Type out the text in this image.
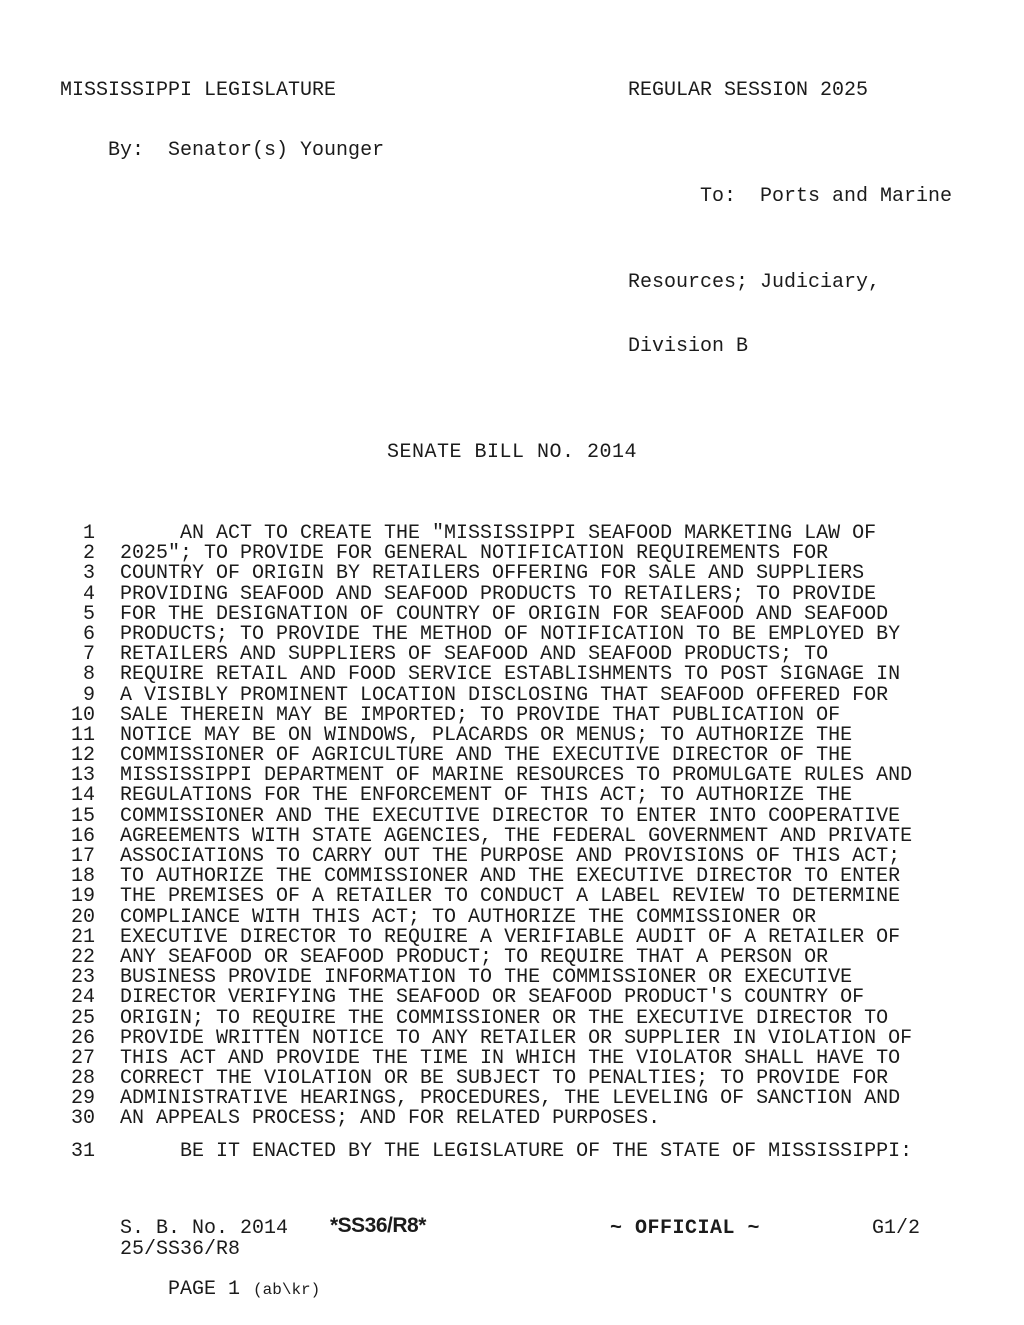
MISSISSIPPI LEGISLATURE	REGULAR SESSION 2025

By: Senator(s) Younger

To: Ports and Marine

Resources; Judiciary,

Division B

SENATE BILL NO. 2014
1 AN ACT TO CREATE THE "MISSISSIPPI SEAFOOD MARKETING LAW OF
2 2025"; TO PROVIDE FOR GENERAL NOTIFICATION REQUIREMENTS FOR
3 COUNTRY OF ORIGIN BY RETAILERS OFFERING FOR SALE AND SUPPLIERS
4 PROVIDING SEAFOOD AND SEAFOOD PRODUCTS TO RETAILERS; TO PROVIDE
5 FOR THE DESIGNATION OF COUNTRY OF ORIGIN FOR SEAFOOD AND SEAFOOD
6 PRODUCTS; TO PROVIDE THE METHOD OF NOTIFICATION TO BE EMPLOYED BY
7 RETAILERS AND SUPPLIERS OF SEAFOOD AND SEAFOOD PRODUCTS; TO
8 REQUIRE RETAIL AND FOOD SERVICE ESTABLISHMENTS TO POST SIGNAGE IN
9 A VISIBLY PROMINENT LOCATION DISCLOSING THAT SEAFOOD OFFERED FOR
10 SALE THEREIN MAY BE IMPORTED; TO PROVIDE THAT PUBLICATION OF
11 NOTICE MAY BE ON WINDOWS, PLACARDS OR MENUS; TO AUTHORIZE THE
12 COMMISSIONER OF AGRICULTURE AND THE EXECUTIVE DIRECTOR OF THE
13 MISSISSIPPI DEPARTMENT OF MARINE RESOURCES TO PROMULGATE RULES AND
14 REGULATIONS FOR THE ENFORCEMENT OF THIS ACT; TO AUTHORIZE THE
15 COMMISSIONER AND THE EXECUTIVE DIRECTOR TO ENTER INTO COOPERATIVE
16 AGREEMENTS WITH STATE AGENCIES, THE FEDERAL GOVERNMENT AND PRIVATE
17 ASSOCIATIONS TO CARRY OUT THE PURPOSE AND PROVISIONS OF THIS ACT;
18 TO AUTHORIZE THE COMMISSIONER AND THE EXECUTIVE DIRECTOR TO ENTER
19 THE PREMISES OF A RETAILER TO CONDUCT A LABEL REVIEW TO DETERMINE
20 COMPLIANCE WITH THIS ACT; TO AUTHORIZE THE COMMISSIONER OR
21 EXECUTIVE DIRECTOR TO REQUIRE A VERIFIABLE AUDIT OF A RETAILER OF
22 ANY SEAFOOD OR SEAFOOD PRODUCT; TO REQUIRE THAT A PERSON OR
23 BUSINESS PROVIDE INFORMATION TO THE COMMISSIONER OR EXECUTIVE
24 DIRECTOR VERIFYING THE SEAFOOD OR SEAFOOD PRODUCT'S COUNTRY OF
25 ORIGIN; TO REQUIRE THE COMMISSIONER OR THE EXECUTIVE DIRECTOR TO
26 PROVIDE WRITTEN NOTICE TO ANY RETAILER OR SUPPLIER IN VIOLATION OF
27 THIS ACT AND PROVIDE THE TIME IN WHICH THE VIOLATOR SHALL HAVE TO
28 CORRECT THE VIOLATION OR BE SUBJECT TO PENALTIES; TO PROVIDE FOR
29 ADMINISTRATIVE HEARINGS, PROCEDURES, THE LEVELING OF SANCTION AND
30 AN APPEALS PROCESS; AND FOR RELATED PURPOSES.
31 BE IT ENACTED BY THE LEGISLATURE OF THE STATE OF MISSISSIPPI:
S. B. No. 2014 *SS36/R8*	~ OFFICIAL ~	G1/2
25/SS36/R8

PAGE 1 (ab\kr)
